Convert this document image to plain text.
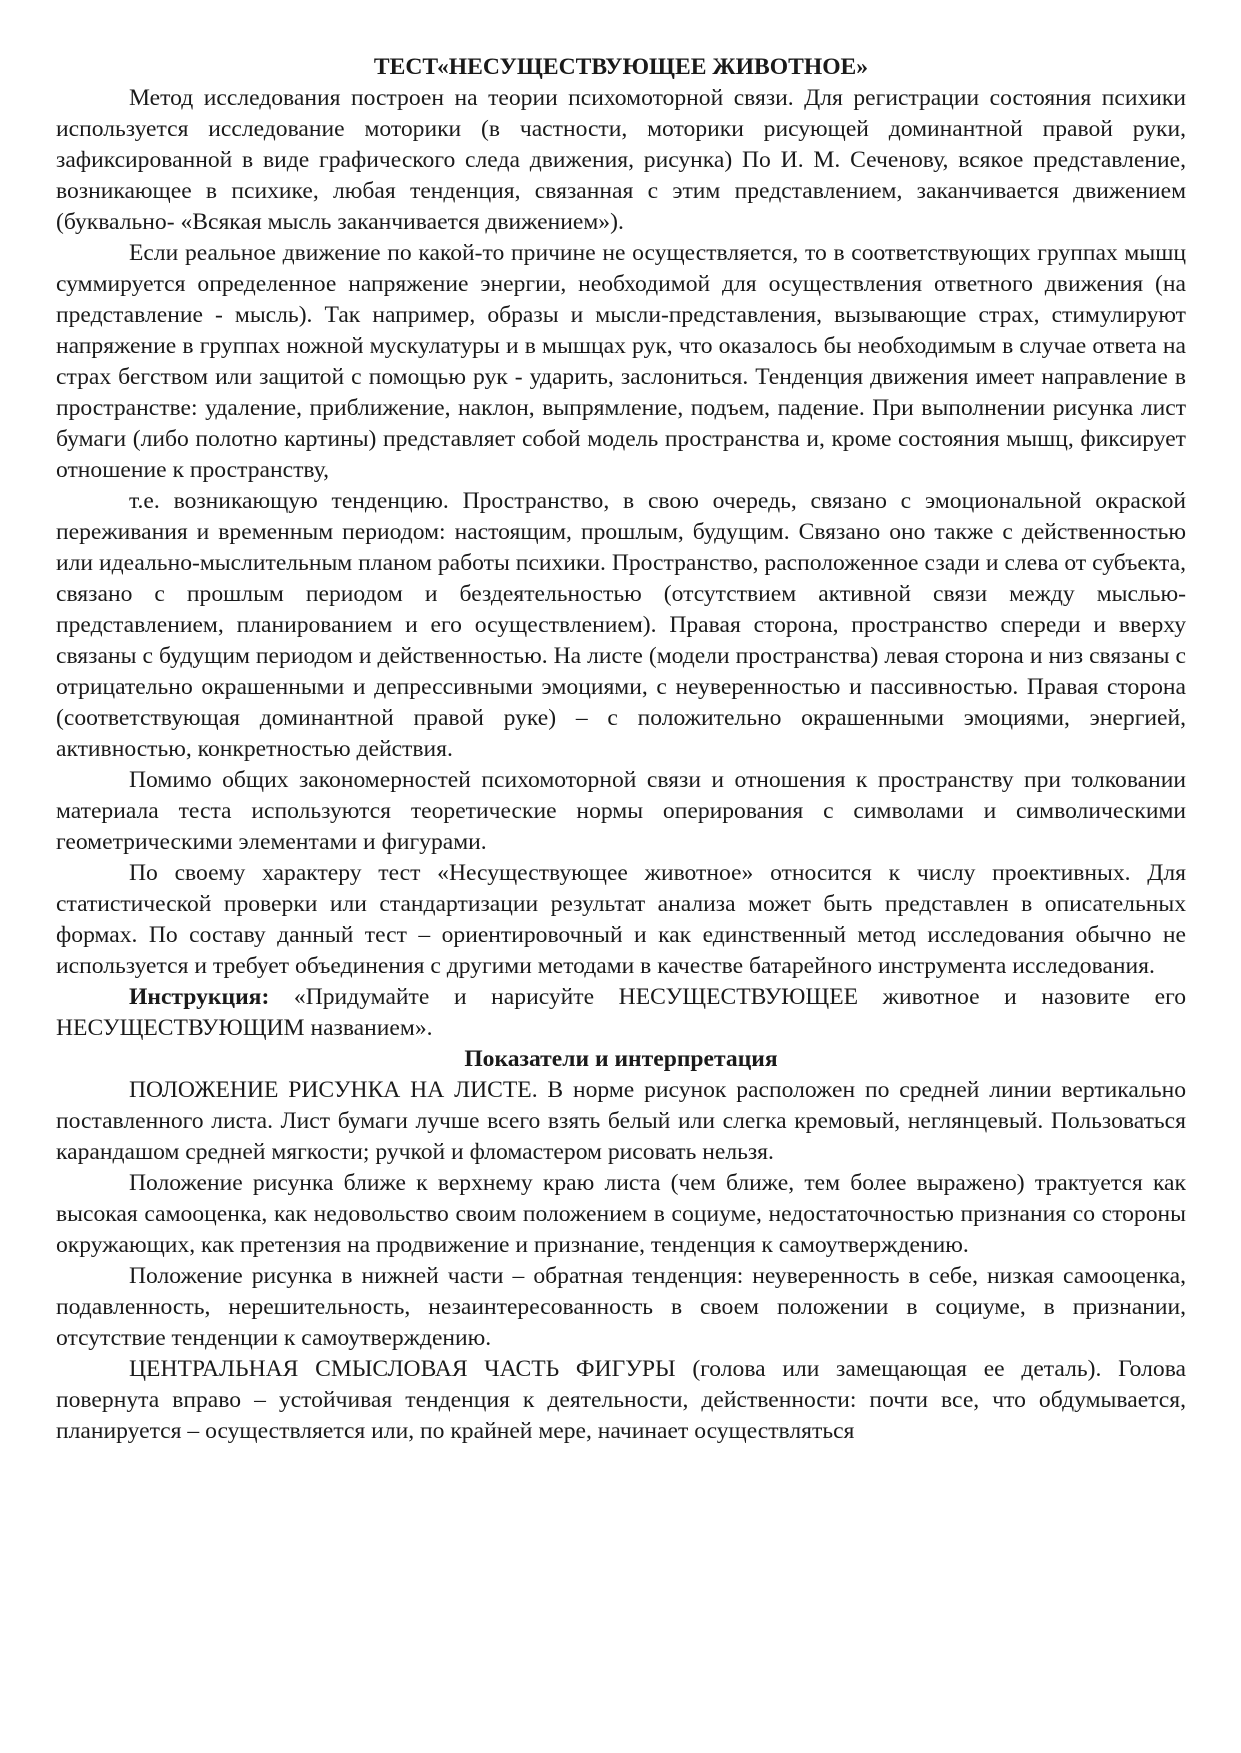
ТЕСТ«НЕСУЩЕСТВУЮЩЕЕ ЖИВОТНОЕ»

Метод исследования построен на теории психомоторной связи. Для регистрации состояния психики используется исследование моторики (в частности, моторики рисующей доминантной правой руки, зафиксированной в виде графического следа движения, рисунка) По И. М. Сеченову, всякое представление, возникающее в психике, любая тенденция, связанная с этим представлением, заканчивается движением (буквально- «Всякая мысль заканчивается движением»).

Если реальное движение по какой-то причине не осуществляется, то в соответствующих группах мышц суммируется определенное напряжение энергии, необходимой для осуществления ответного движения (на представление - мысль). Так например, образы и мысли-представления, вызывающие страх, стимулируют напряжение в группах ножной мускулатуры и в мышцах рук, что оказалось бы необходимым в случае ответа на страх бегством или защитой с помощью рук - ударить, заслониться. Тенденция движения имеет направление в пространстве: удаление, приближение, наклон, выпрямление, подъем, падение. При выполнении рисунка лист бумаги (либо полотно картины) представляет собой модель пространства и, кроме состояния мышц, фиксирует отношение к пространству,

т.е. возникающую тенденцию. Пространство, в свою очередь, связано с эмоциональной окраской переживания и временным периодом: настоящим, прошлым, будущим. Связано оно также с действенностью или идеально-мыслительным планом работы психики. Пространство, расположенное сзади и слева от субъекта, связано с прошлым периодом и бездеятельностью (отсутствием активной связи между мыслью-представлением, планированием и его осуществлением). Правая сторона, пространство спереди и вверху связаны с будущим периодом и действенностью. На листе (модели пространства) левая сторона и низ связаны с отрицательно окрашенными и депрессивными эмоциями, с неуверенностью и пассивностью. Правая сторона (соответствующая доминантной правой руке) – с положительно окрашенными эмоциями, энергией, активностью, конкретностью действия.

Помимо общих закономерностей психомоторной связи и отношения к пространству при толковании материала теста используются теоретические нормы оперирования с символами и символическими геометрическими элементами и фигурами.

По своему характеру тест «Несуществующее животное» относится к числу проективных. Для статистической проверки или стандартизации результат анализа может быть представлен в описательных формах. По составу данный тест – ориентировочный и как единственный метод исследования обычно не используется и требует объединения с другими методами в качестве батарейного инструмента исследования.

Инструкция: «Придумайте и нарисуйте НЕСУЩЕСТВУЮЩЕЕ животное и назовите его НЕСУЩЕСТВУЮЩИМ названием».

Показатели и интерпретация

ПОЛОЖЕНИЕ РИСУНКА НА ЛИСТЕ. В норме рисунок расположен по средней линии вертикально поставленного листа. Лист бумаги лучше всего взять белый или слегка кремовый, неглянцевый. Пользоваться карандашом средней мягкости; ручкой и фломастером рисовать нельзя.

Положение рисунка ближе к верхнему краю листа (чем ближе, тем более выражено) трактуется как высокая самооценка, как недовольство своим положением в социуме, недостаточностью признания со стороны окружающих, как претензия на продвижение и признание, тенденция к самоутверждению.

Положение рисунка в нижней части – обратная тенденция: неуверенность в себе, низкая самооценка, подавленность, нерешительность, незаинтересованность в своем положении в социуме, в признании, отсутствие тенденции к самоутверждению.

ЦЕНТРАЛЬНАЯ СМЫСЛОВАЯ ЧАСТЬ ФИГУРЫ (голова или замещающая ее деталь). Голова повернута вправо – устойчивая тенденция к деятельности, действенности: почти все, что обдумывается, планируется – осуществляется или, по крайней мере, начинает осуществляться
